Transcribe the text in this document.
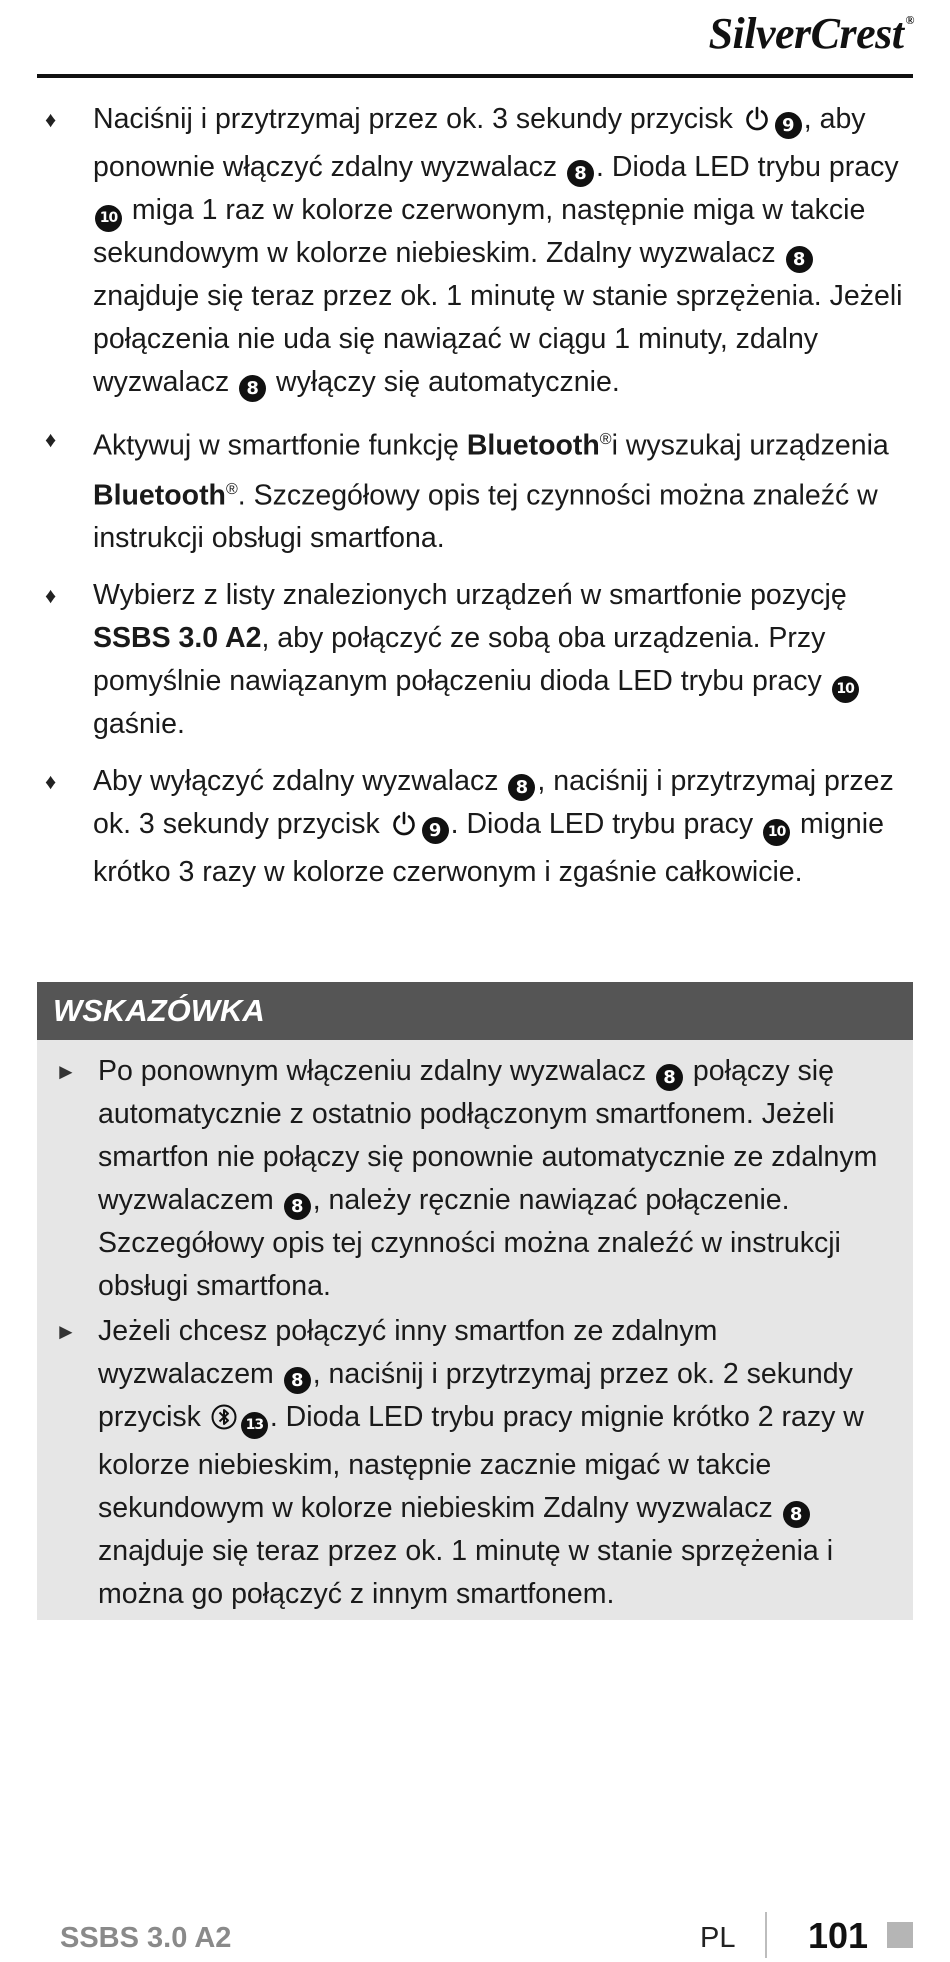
SilverCrest ®
♦ Naciśnij i przytrzymaj przez ok. 3 sekundy przycisk 9 , aby ponownie włączyć zdalny wyzwalacz 8 . Dioda LED trybu pracy 10 miga 1 raz w kolorze czerwonym, następnie miga w takcie sekundowym w kolorze niebieskim. Zdalny wyzwalacz 8 znajduje się teraz przez ok. 1 minutę w stanie sprzężenia. Jeżeli połączenia nie uda się nawiązać w ciągu 1 minuty, zdalny wyzwalacz 8 wyłączy się automatycznie.
♦ Aktywuj w smartfonie funkcję Bluetooth®i wyszukaj urządzenia Bluetooth®. Szczegółowy opis tej czynności można znaleźć w instrukcji obsługi smartfona.
♦ Wybierz z listy znalezionych urządzeń w smartfonie pozycję SSBS 3.0 A2, aby połączyć ze sobą oba urządzenia. Przy pomyślnie nawiązanym połączeniu dioda LED trybu pracy 10 gaśnie.
♦ Aby wyłączyć zdalny wyzwalacz 8 , naciśnij i przytrzymaj przez ok. 3 sekundy przycisk 9 . Dioda LED trybu pracy 10 mignie krótko 3 razy w kolorze czerwonym i zgaśnie całkowicie.
WSKAZÓWKA
► Po ponownym włączeniu zdalny wyzwalacz 8 połączy się automatycznie z ostatnio podłączonym smartfonem. Jeżeli smartfon nie połączy się ponownie automatycznie ze zdalnym wyzwalaczem 8 , należy ręcznie nawiązać połączenie. Szczegółowy opis tej czynności można znaleźć w instrukcji obsługi smartfona.
► Jeżeli chcesz połączyć inny smartfon ze zdalnym wyzwalaczem 8 , naciśnij i przytrzymaj przez ok. 2 sekundy przycisk	13 . Dioda LED trybu pracy mignie krótko 2 razy w kolorze niebieskim, następnie zacznie migać w takcie sekundowym w kolorze niebieskim Zdalny wyzwalacz 8 znajduje się teraz przez ok. 1 minutę w stanie sprzężenia i można go połączyć z innym smartfonem.
SSBS 3.0 A2	PL 101
